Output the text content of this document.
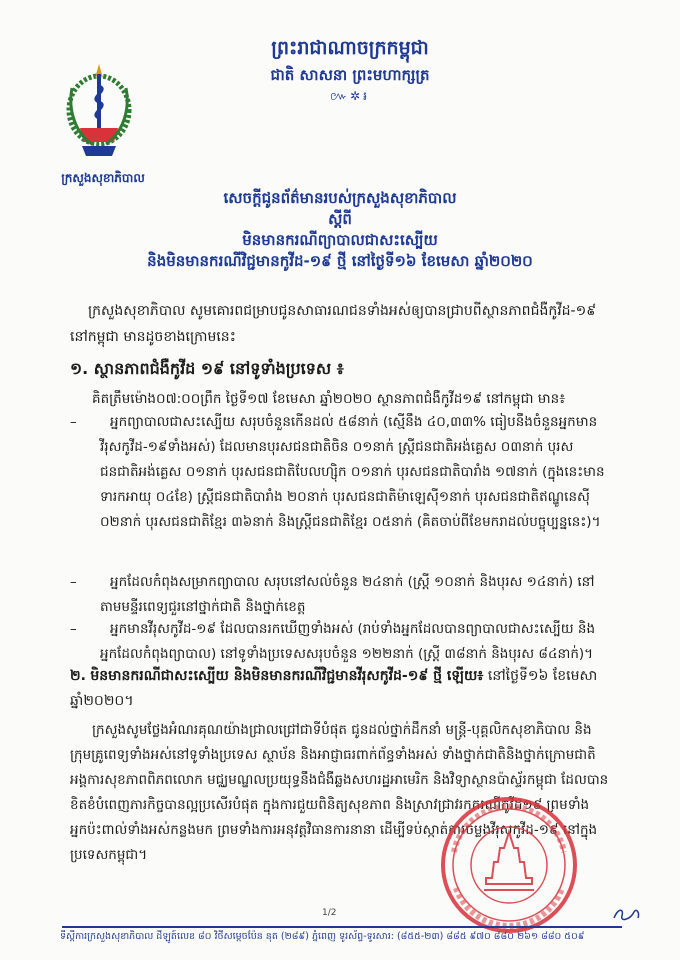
ក្រសួងសុខាភិបាល
ព្រះរាជាណាចក្រកម្ពុជា
ជាតិ សាសនា ព្រះមហាក្សត្រ
៚✲៛
សេចក្ដីជូនព័ត៌មានរបស់ក្រសួងសុខាភិបាល
ស្ដីពី
មិនមានករណីព្យាបាលជាសះស្បើយ
និងមិនមានករណីវិជ្ជមានកូវីដ-១៩ ថ្មី នៅថ្ងៃទី១៦ ខែមេសា ឆ្នាំ២០២០
ក្រសួងសុខាភិបាល សូមគោរពជម្រាបជូនសាធារណជនទាំងអស់ឲ្យបានជ្រាបពីស្ថានភាពជំងឺកូវីដ-១៩ នៅកម្ពុជា មានដូចខាងក្រោមនេះ
១. ស្ថានភាពជំងឺកូវីដ ១៩ នៅទូទាំងប្រទេស ៖
គិតត្រឹមម៉ោង០៧:០០ព្រឹក ថ្ងៃទី១៧ ខែមេសា ឆ្នាំ២០២០ ស្ថានភាពជំងឺកូវីដ១៩ នៅកម្ពុជា មាន៖
–	អ្នកព្យាបាលជាសះស្បើយ សរុបចំនួនកើនដល់ ៥៨នាក់ (ស្មើនឹង ៤០,៣៣% ធៀបនឹងចំនួនអ្នកមានវីរុសកូវីដ-១៩ទាំងអស់) ដែលមានបុរសជនជាតិចិន ០១នាក់ ស្ត្រីជនជាតិអង់គ្លេស ០៣នាក់ បុរសជនជាតិអង់គ្លេស ០១នាក់ បុរសជនជាតិបែលហ្ស៊ិក ០១នាក់ បុរសជនជាតិបារាំង ១៧នាក់ (ក្នុងនេះមានទារកអាយុ ០៤ខែ) ស្ត្រីជនជាតិបារាំង ២០នាក់ បុរសជនជាតិម៉ាឡេស៊ី១នាក់ បុរសជនជាតិឥណ្ឌូនេស៊ី ០២នាក់ បុរសជនជាតិខ្មែរ ៣៦នាក់ និងស្ត្រីជនជាតិខ្មែរ ០៥នាក់ (គិតចាប់ពីខែមករាដល់បច្ចុប្បន្ននេះ)។
–	អ្នកដែលកំពុងសម្រាកព្យាបាល សរុបនៅសល់ចំនួន ២៤នាក់ (ស្ត្រី ១០នាក់ និងបុរស ១៤នាក់) នៅតាមមន្ទីរពេទ្យជួរនៅថ្នាក់ជាតិ និងថ្នាក់ខេត្ត
–	អ្នកមានវីរុសកូវីដ-១៩ ដែលបានរកឃើញទាំងអស់ (រាប់ទាំងអ្នកដែលបានព្យាបាលជាសះស្បើយ និងអ្នកដែលកំពុងព្យាបាល) នៅទូទាំងប្រទេសសរុបចំនួន ១២២នាក់ (ស្ត្រី ៣៨នាក់ និងបុរស ៨៤នាក់)។
២. មិនមានករណីជាសះស្បើយ និងមិនមានករណីវិជ្ជមានវីរុសកូវីដ-១៩ ថ្មី ឡើយ៖ នៅថ្ងៃទី១៦ ខែមេសា ឆ្នាំ២០២០។
ក្រសួងសូមថ្លែងអំណរគុណយ៉ាងជ្រាលជ្រៅជាទីបំផុត ជូនដល់ថ្នាក់ដឹកនាំ មន្ត្រី-បុគ្គលិកសុខាភិបាល និងក្រុមគ្រូពេទ្យទាំងអស់នៅទូទាំងប្រទេស ស្ថាប័ន និងអាជ្ញាធរពាក់ព័ន្ធទាំងអស់ ទាំងថ្នាក់ជាតិនិងថ្នាក់ក្រោមជាតិ អង្គការសុខភាពពិភពលោក មជ្ឈមណ្ឌលប្រយុទ្ធនឹងជំងឺឆ្លងសហរដ្ឋអាមេរិក និងវិទ្យាស្ថានប៉ាស្ទ័រកម្ពុជា ដែលបានខិតខំបំពេញភារកិច្ចបានល្អប្រសើរបំផុត ក្នុងការជួយពិនិត្យសុខភាព និងស្រាវជ្រាវរកករណីកូវីដ១៩ ព្រមទាំងអ្នកប៉ះពាល់ទាំងអស់កន្លងមក ព្រមទាំងការអនុវត្តវិធានការនានា ដើម្បីទប់ស្កាត់ការចម្លងវីរុសកូវីដ-១៩ នៅក្នុងប្រទេសកម្ពុជា។
1/2
ទីស្តីការក្រសួងសុខាភិបាល ដីឡូត៍លេខ ៨០ វិថីសម្តេចប៉ែន នុត (២៨៩) ភ្នំពេញ ទូរស័ព្ទ-ទូរសារ: (៨៥៥-២៣) ៨៨៥ ៩៧០ ៨៨០ ២៦១ ៨៨០ ៥០៩
